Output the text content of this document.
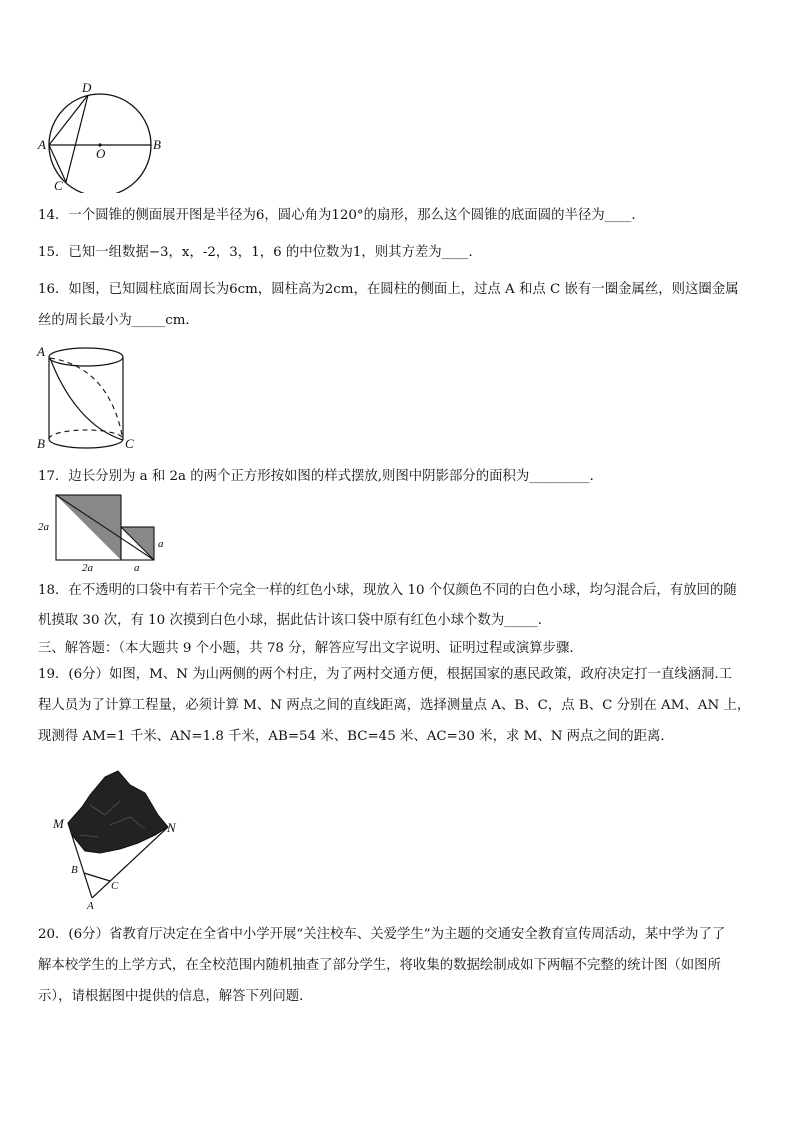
D
A
O
B
C
14．一个圆锥的侧面展开图是半径为6，圆心角为120°的扇形，那么这个圆锥的底面圆的半径为____．
15．已知一组数据−3，x，-2，3，1，6 的中位数为1，则其方差为____．
16．如图，已知圆柱底面周长为6cm，圆柱高为2cm，在圆柱的侧面上，过点 A 和点 C 嵌有一圈金属丝，则这圈金属
丝的周长最小为_____cm．
A
B	C
17．边长分别为 a 和 2a 的两个正方形按如图的样式摆放,则图中阴影部分的面积为_________．
2a
2a	a
a
18．在不透明的口袋中有若干个完全一样的红色小球，现放入 10 个仅颜色不同的白色小球，均匀混合后，有放回的随
机摸取 30 次，有 10 次摸到白色小球，据此估计该口袋中原有红色小球个数为_____．
三、解答题：（本大题共 9 个小题，共 78 分，解答应写出文字说明、证明过程或演算步骤．
19．(6分）如图，M、N 为山两侧的两个村庄，为了两村交通方便，根据国家的惠民政策，政府决定打一直线涵洞.工
程人员为了计算工程量，必须计算 M、N 两点之间的直线距离，选择测量点 A、B、C，点 B、C 分别在 AM、AN 上，
现测得 AM=1 千米、AN=1.8 千米，AB=54 米、BC=45 米、AC=30 米，求 M、N 两点之间的距离．
M	N
B
C
A
20．(6分）省教育厅决定在全省中小学开展“关注校车、关爱学生”为主题的交通安全教育宣传周活动，某中学为了了
解本校学生的上学方式，在全校范围内随机抽查了部分学生，将收集的数据绘制成如下两幅不完整的统计图（如图所
示），请根据图中提供的信息，解答下列问题．
